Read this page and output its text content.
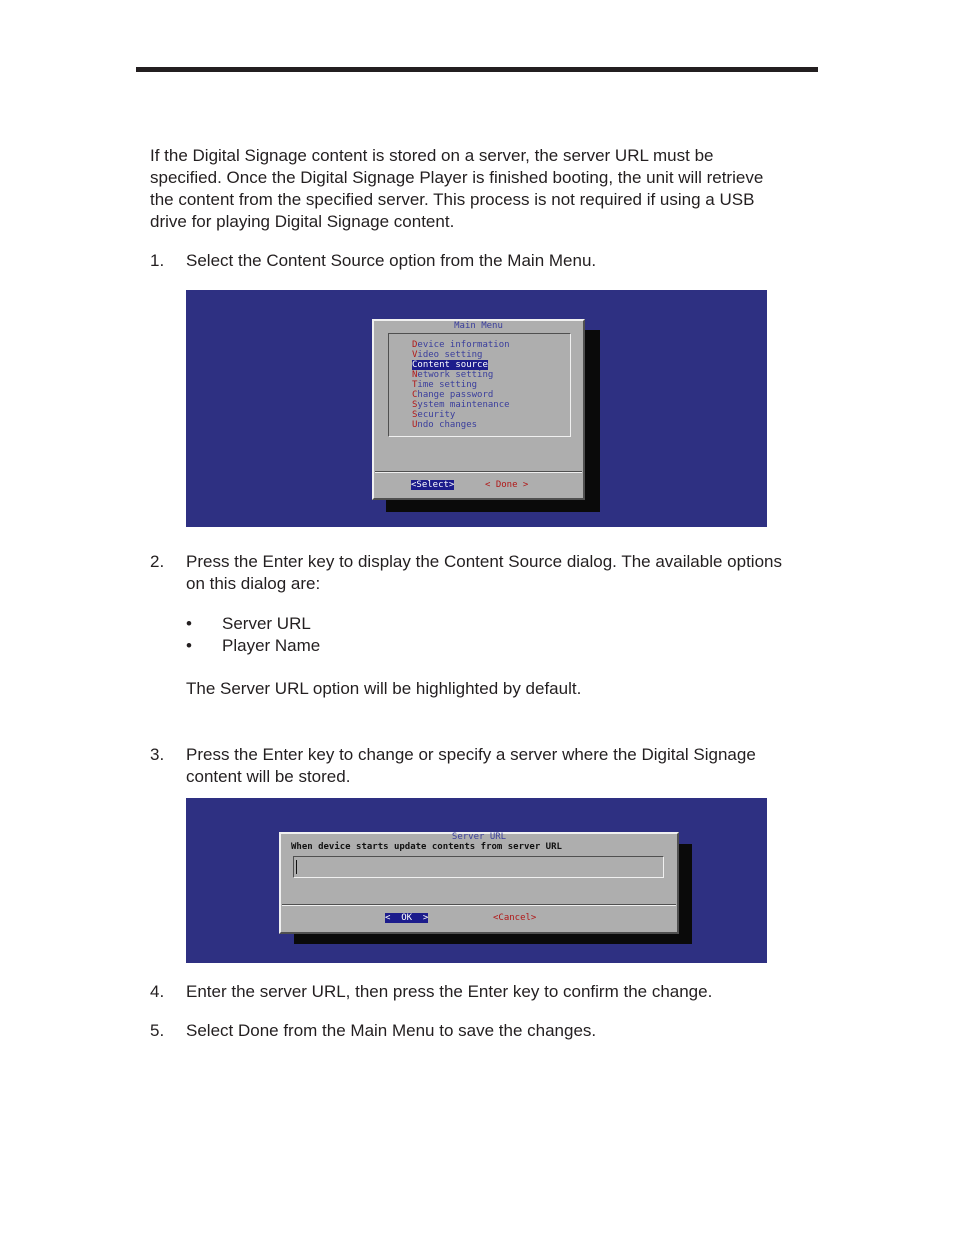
If the Digital Signage content is stored on a server, the server URL must be specified. Once the Digital Signage Player is finished booting, the unit will retrieve the content from the specified server. This process is not required if using a USB drive for playing Digital Signage content.

1. Select the Content Source option from the Main Menu.

Main Menu

Device information

Video setting

Content source

Network setting

Time setting

Change password

System maintenance

Security

Undo changes

<Select>

	< Done >

2. Press the Enter key to display the Content Source dialog. The available options on this dialog are:
• Server URL
• Player Name
The Server URL option will be highlighted by default.
3. Press the Enter key to change or specify a server where the Digital Signage content will be stored.

Server URL

When device starts update contents from server URL

<  OK  >

	<Cancel>

4. Enter the server URL, then press the Enter key to confirm the change.
5. Select Done from the Main Menu to save the changes.
